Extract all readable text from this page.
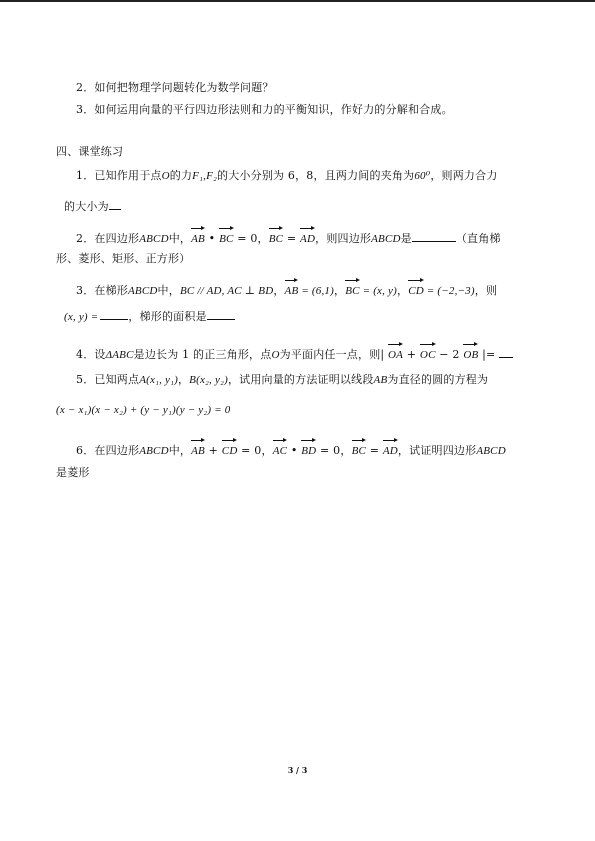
2．如何把物理学问题转化为数学问题？
3．如何运用向量的平行四边形法则和力的平衡知识，作好力的分解和合成。
四、课堂练习
1．已知作用于点O的力F₁,F₂的大小分别为 6，8，且两力间的夹角为60⁰，则两力合力
的大小为
2．在四边形ABCD中，AB • BC = 0，BC = AD，则四边形ABCD是	（直角梯
形、菱形、矩形、正方形）
3．在梯形ABCD中，BC // AD, AC ⊥ BD，AB = (6,1)，BC = (x, y)，CD = (−2,−3)，则
(x, y) =	，梯形的面积是
4．设ΔABC是边长为 1 的正三角形，点O为平面内任一点，则| OA + OC − 2 OB |=
5．已知两点A(x₁, y₁)，B(x₂, y₂)，试用向量的方法证明以线段AB为直径的圆的方程为
(x − x₁)(x − x₂) + (y − y₁)(y − y₂) = 0
6．在四边形ABCD中，AB + CD = 0，AC • BD = 0，BC = AD，试证明四边形ABCD
是菱形
3 / 3
